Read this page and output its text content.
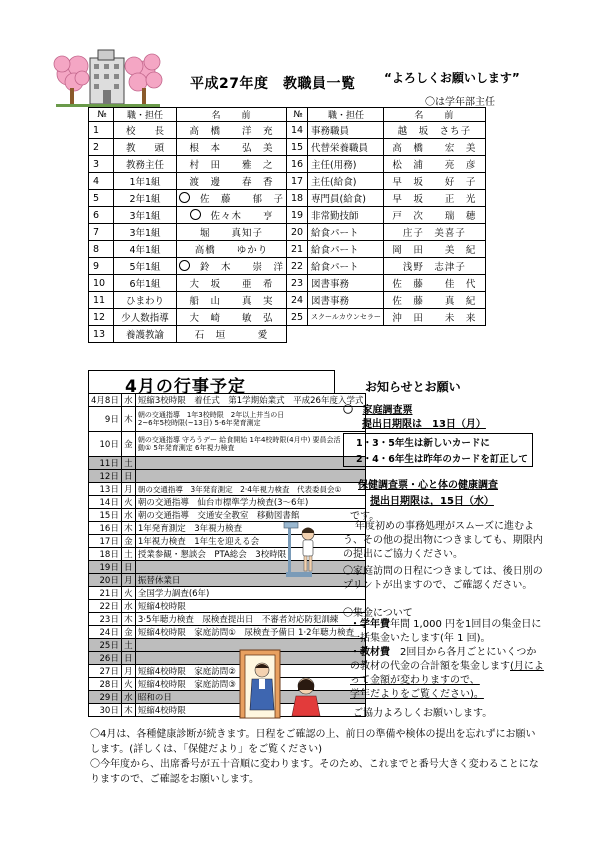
平成27年度　教職員一覧 “よろしくお願いします”
〇は学年部主任
№	職・担任	名　　前	№	職・担任	名　　前
1	校　　長	高　橋　　洋　充	14	事務職員	越　坂　さち子
2	教　　頭	根　本　　弘　美	15	代替栄養職員	高　橋　　宏　美
3	教務主任	村　田　　雅　之	16	主任(用務)	松　浦　　亮　彦
4	1年1組	渡　邊　　春　香	17	主任(給食)	早　坂　　好　子
5	2年1組	佐　藤　　郁　子	18	専門員(給食)	早　坂　　正　光
6	3年1組	佐々木　　亨	19	非常勤技師	戸　次　　瑞　穂
7	3年1組	堀　　真知子	20	給食パート	庄子　美喜子
8	4年1組	高橋　　ゆかり	21	給食パート	岡　田　　美　紀
9	5年1組	鈴　木　　崇　洋	22	給食パート	浅野　志津子
10	6年1組	大　坂　　亜　希	23	図書事務	佐　藤　　佳　代
11	ひまわり	船　山　　真　実	24	図書事務	佐　藤　　真　紀
12	少人数指導	大　崎　　敏　弘	25	スクールカウンセラー	沖　田　　未　来
13	養護教諭	石　垣　　　愛			
4月の行事予定
4月8日	水	短縮3校時限　着任式　第1学期始業式　平成26年度入学式
9日	木	朝の交通指導　1年3校時限　2年以上井当の日
2~6年5校時限(~13日) 5·6年発育測定
10日	金	朝の交通指導 守ろうデー 給食開始 1年4校時限(4月中) 要員会活
動① 5年発育測定 6年視力検査
11日	土	
12日	日	
13日	月	朝の交通指導　3年発育測定　2·4年視力検査　代表委員会①
14日	火	朝の交通指導　仙台市標準学力検査(3～6年)
15日	水	朝の交通指導　交通安全教室　移動図書館
16日	木	1年発育測定　3年視力検査
17日	金	1年視力検査　1年生を迎える会
18日	土	授業参観・懇談会　PTA総会　3校時限
19日	日	
20日	月	振替休業日
21日	火	全国学力調査(6年)
22日	水	短縮4校時限
23日	木	3·5年聴力検査　尿検査提出日　不審者対応防犯訓練
24日	金	短縮4校時限　家庭訪問①　尿検査予備日 1·2年聴力検査
25日	土	
26日	日	
27日	月	短縮4校時限　家庭訪問②
28日	火	短縮4校時限　家庭訪問③
29日	水	昭和の日
30日	木	短縮4校時限
お知らせとお願い
〇 家庭調査票
提出日期限は　13日（月）
1・3・5年生は新しいカードに
2・4・6年生は昨年のカードを訂正して
保健調査票・心と体の健康調査
提出日期限は，15日（水）
です。
年度初めの事務処理がスムーズに進むよう、その他の提出物につきましても、期限内の提出にご協力ください。
〇家庭訪問の日程につきましては、後日別のプリントが出ますので、ご確認ください。
〇集金について
・学年費年間 1,000 円を1回目の集金日に一括集金いたします(年 1 回)。
・教材費　 2回目から各月ごとにいくつかの教材の代金の合計額を集金します(月によって金額が変わりますので、
学年だよりをご覧ください)。
ご協力よろしくお願いします。
〇4月は、各種健康診断が続きます。日程をご確認の上、前日の準備や検体の提出を忘れずにお願いします。(詳しくは、「保健だより」をご覧ください)
〇今年度から、出席番号が五十音順に変わります。そのため、これまでと番号大きく変わることになりますので、ご確認をお願いします。
